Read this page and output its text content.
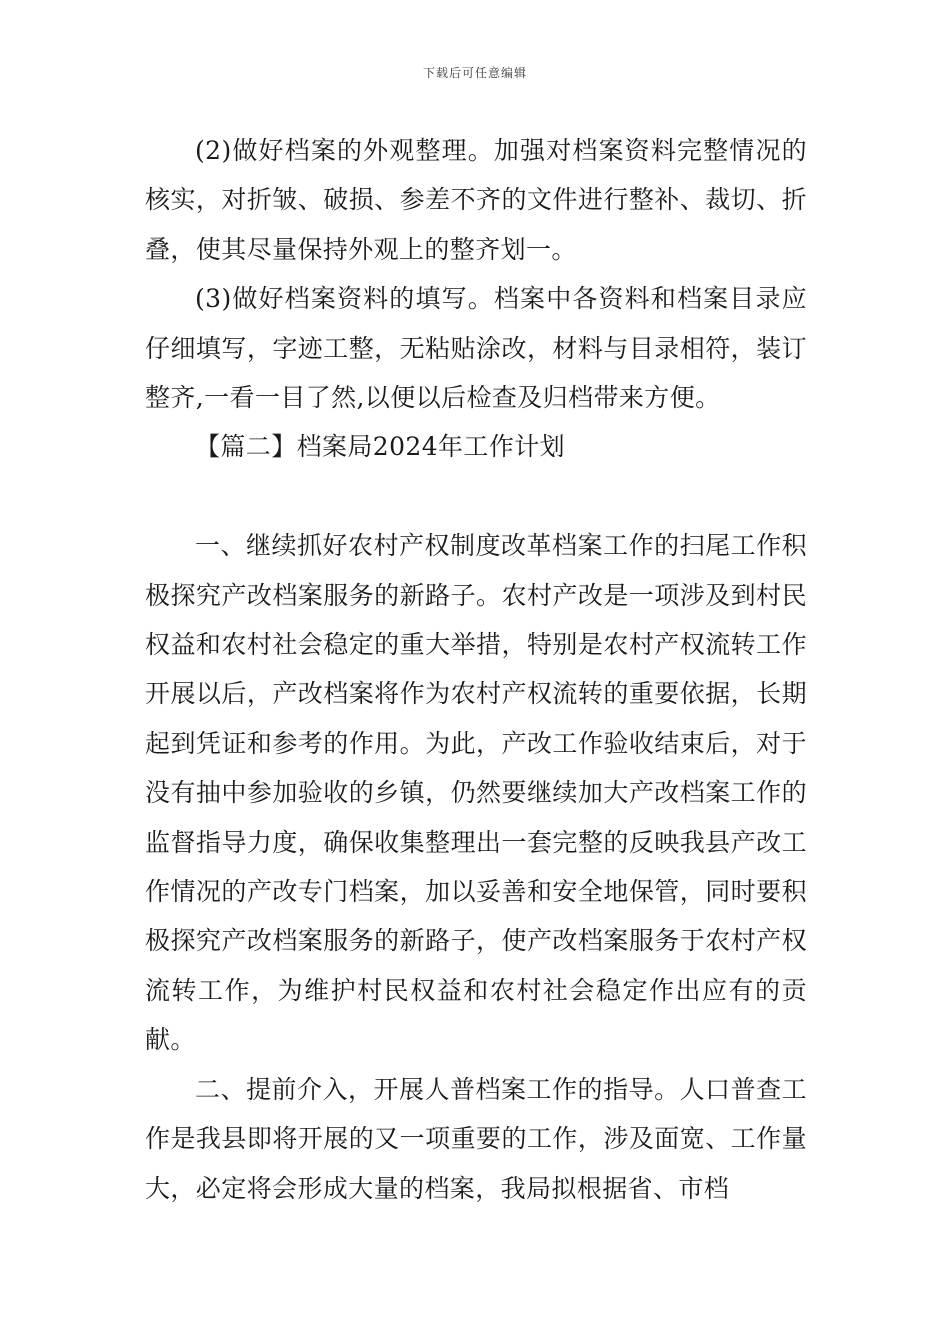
下载后可任意编辑

(2)做好档案的外观整理。加强对档案资料完整情况的核实，对折皱、破损、参差不齐的文件进行整补、裁切、折叠，使其尽量保持外观上的整齐划一。

(3)做好档案资料的填写。档案中各资料和档案目录应仔细填写，字迹工整，无粘贴涂改，材料与目录相符，装订整齐,一看一目了然,以便以后检查及归档带来方便。

【篇二】档案局2024年工作计划

一、继续抓好农村产权制度改革档案工作的扫尾工作积极探究产改档案服务的新路子。农村产改是一项涉及到村民权益和农村社会稳定的重大举措，特别是农村产权流转工作开展以后，产改档案将作为农村产权流转的重要依据，长期起到凭证和参考的作用。为此，产改工作验收结束后，对于没有抽中参加验收的乡镇，仍然要继续加大产改档案工作的监督指导力度，确保收集整理出一套完整的反映我县产改工作情况的产改专门档案，加以妥善和安全地保管，同时要积极探究产改档案服务的新路子，使产改档案服务于农村产权流转工作，为维护村民权益和农村社会稳定作出应有的贡献。

二、提前介入，开展人普档案工作的指导。人口普查工作是我县即将开展的又一项重要的工作，涉及面宽、工作量大，必定将会形成大量的档案，我局拟根据省、市档
